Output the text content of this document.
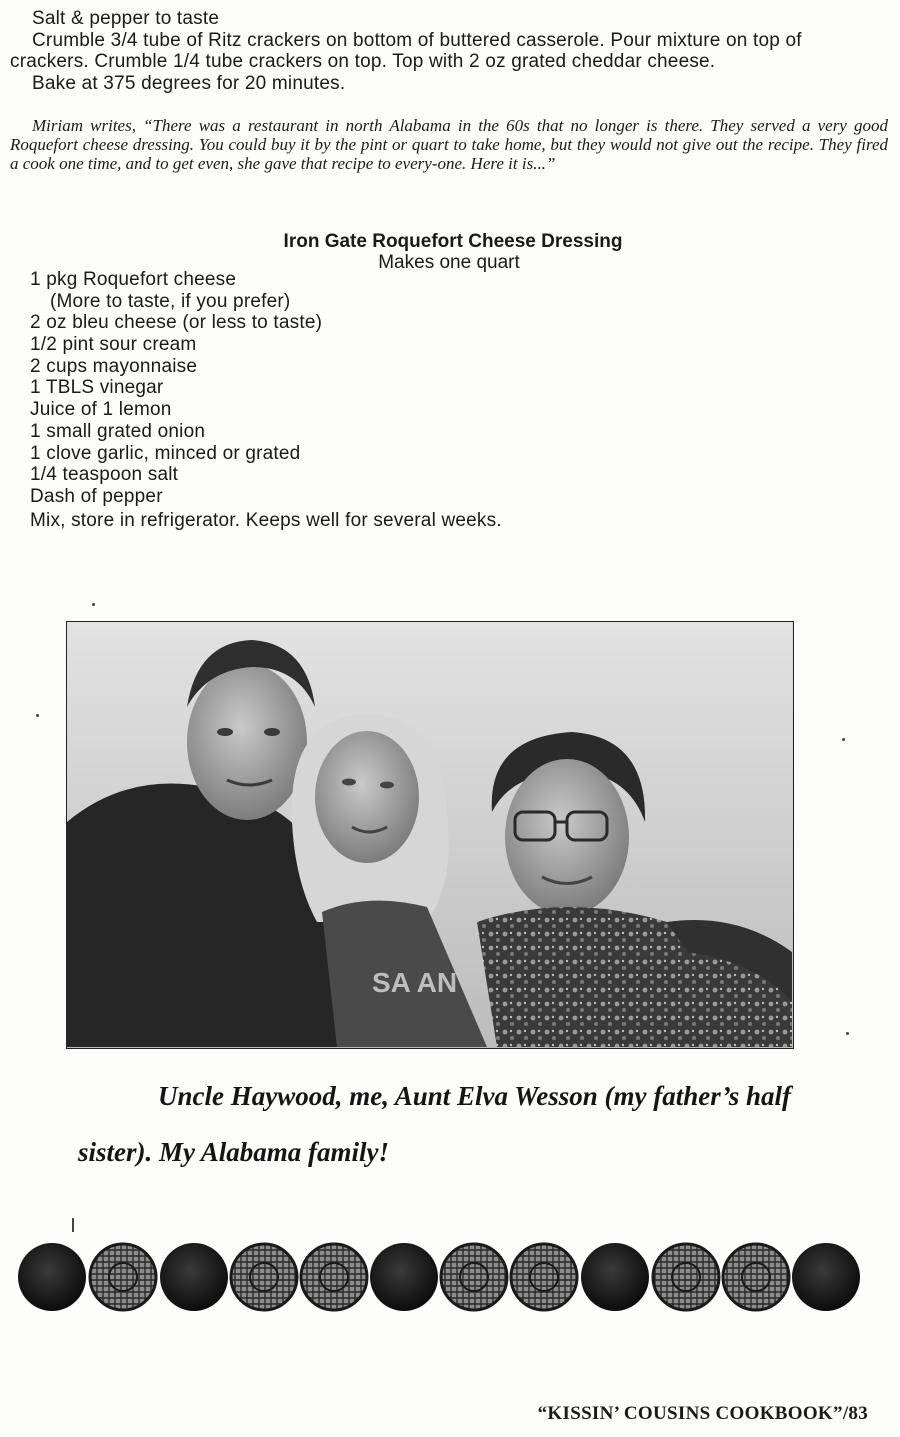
Salt & pepper to taste
Crumble 3/4 tube of Ritz crackers on bottom of buttered casserole. Pour mixture on top of
crackers. Crumble 1/4 tube crackers on top. Top with 2 oz grated cheddar cheese.
Bake at 375 degrees for 20 minutes.

Miriam writes, “There was a restaurant in north Alabama in the 60s that no longer is there. They served a very good Roquefort cheese dressing. You could buy it by the pint or quart to take home, but they would not give out the recipe. They fired a cook one time, and to get even, she gave that recipe to every-one. Here it is...”

Iron Gate Roquefort Cheese Dressing
Makes one quart
1 pkg Roquefort cheese
(More to taste, if you prefer)
2 oz bleu cheese (or less to taste)
1/2 pint sour cream
2 cups mayonnaise
1 TBLS vinegar
Juice of 1 lemon
1 small grated onion
1 clove garlic, minced or grated
1/4 teaspoon salt
Dash of pepper
Mix, store in refrigerator. Keeps well for several weeks.
SA AN
Uncle Haywood, me, Aunt Elva Wesson (my father’s half sister). My Alabama family!
“KISSIN’ COUSINS COOKBOOK”/83
